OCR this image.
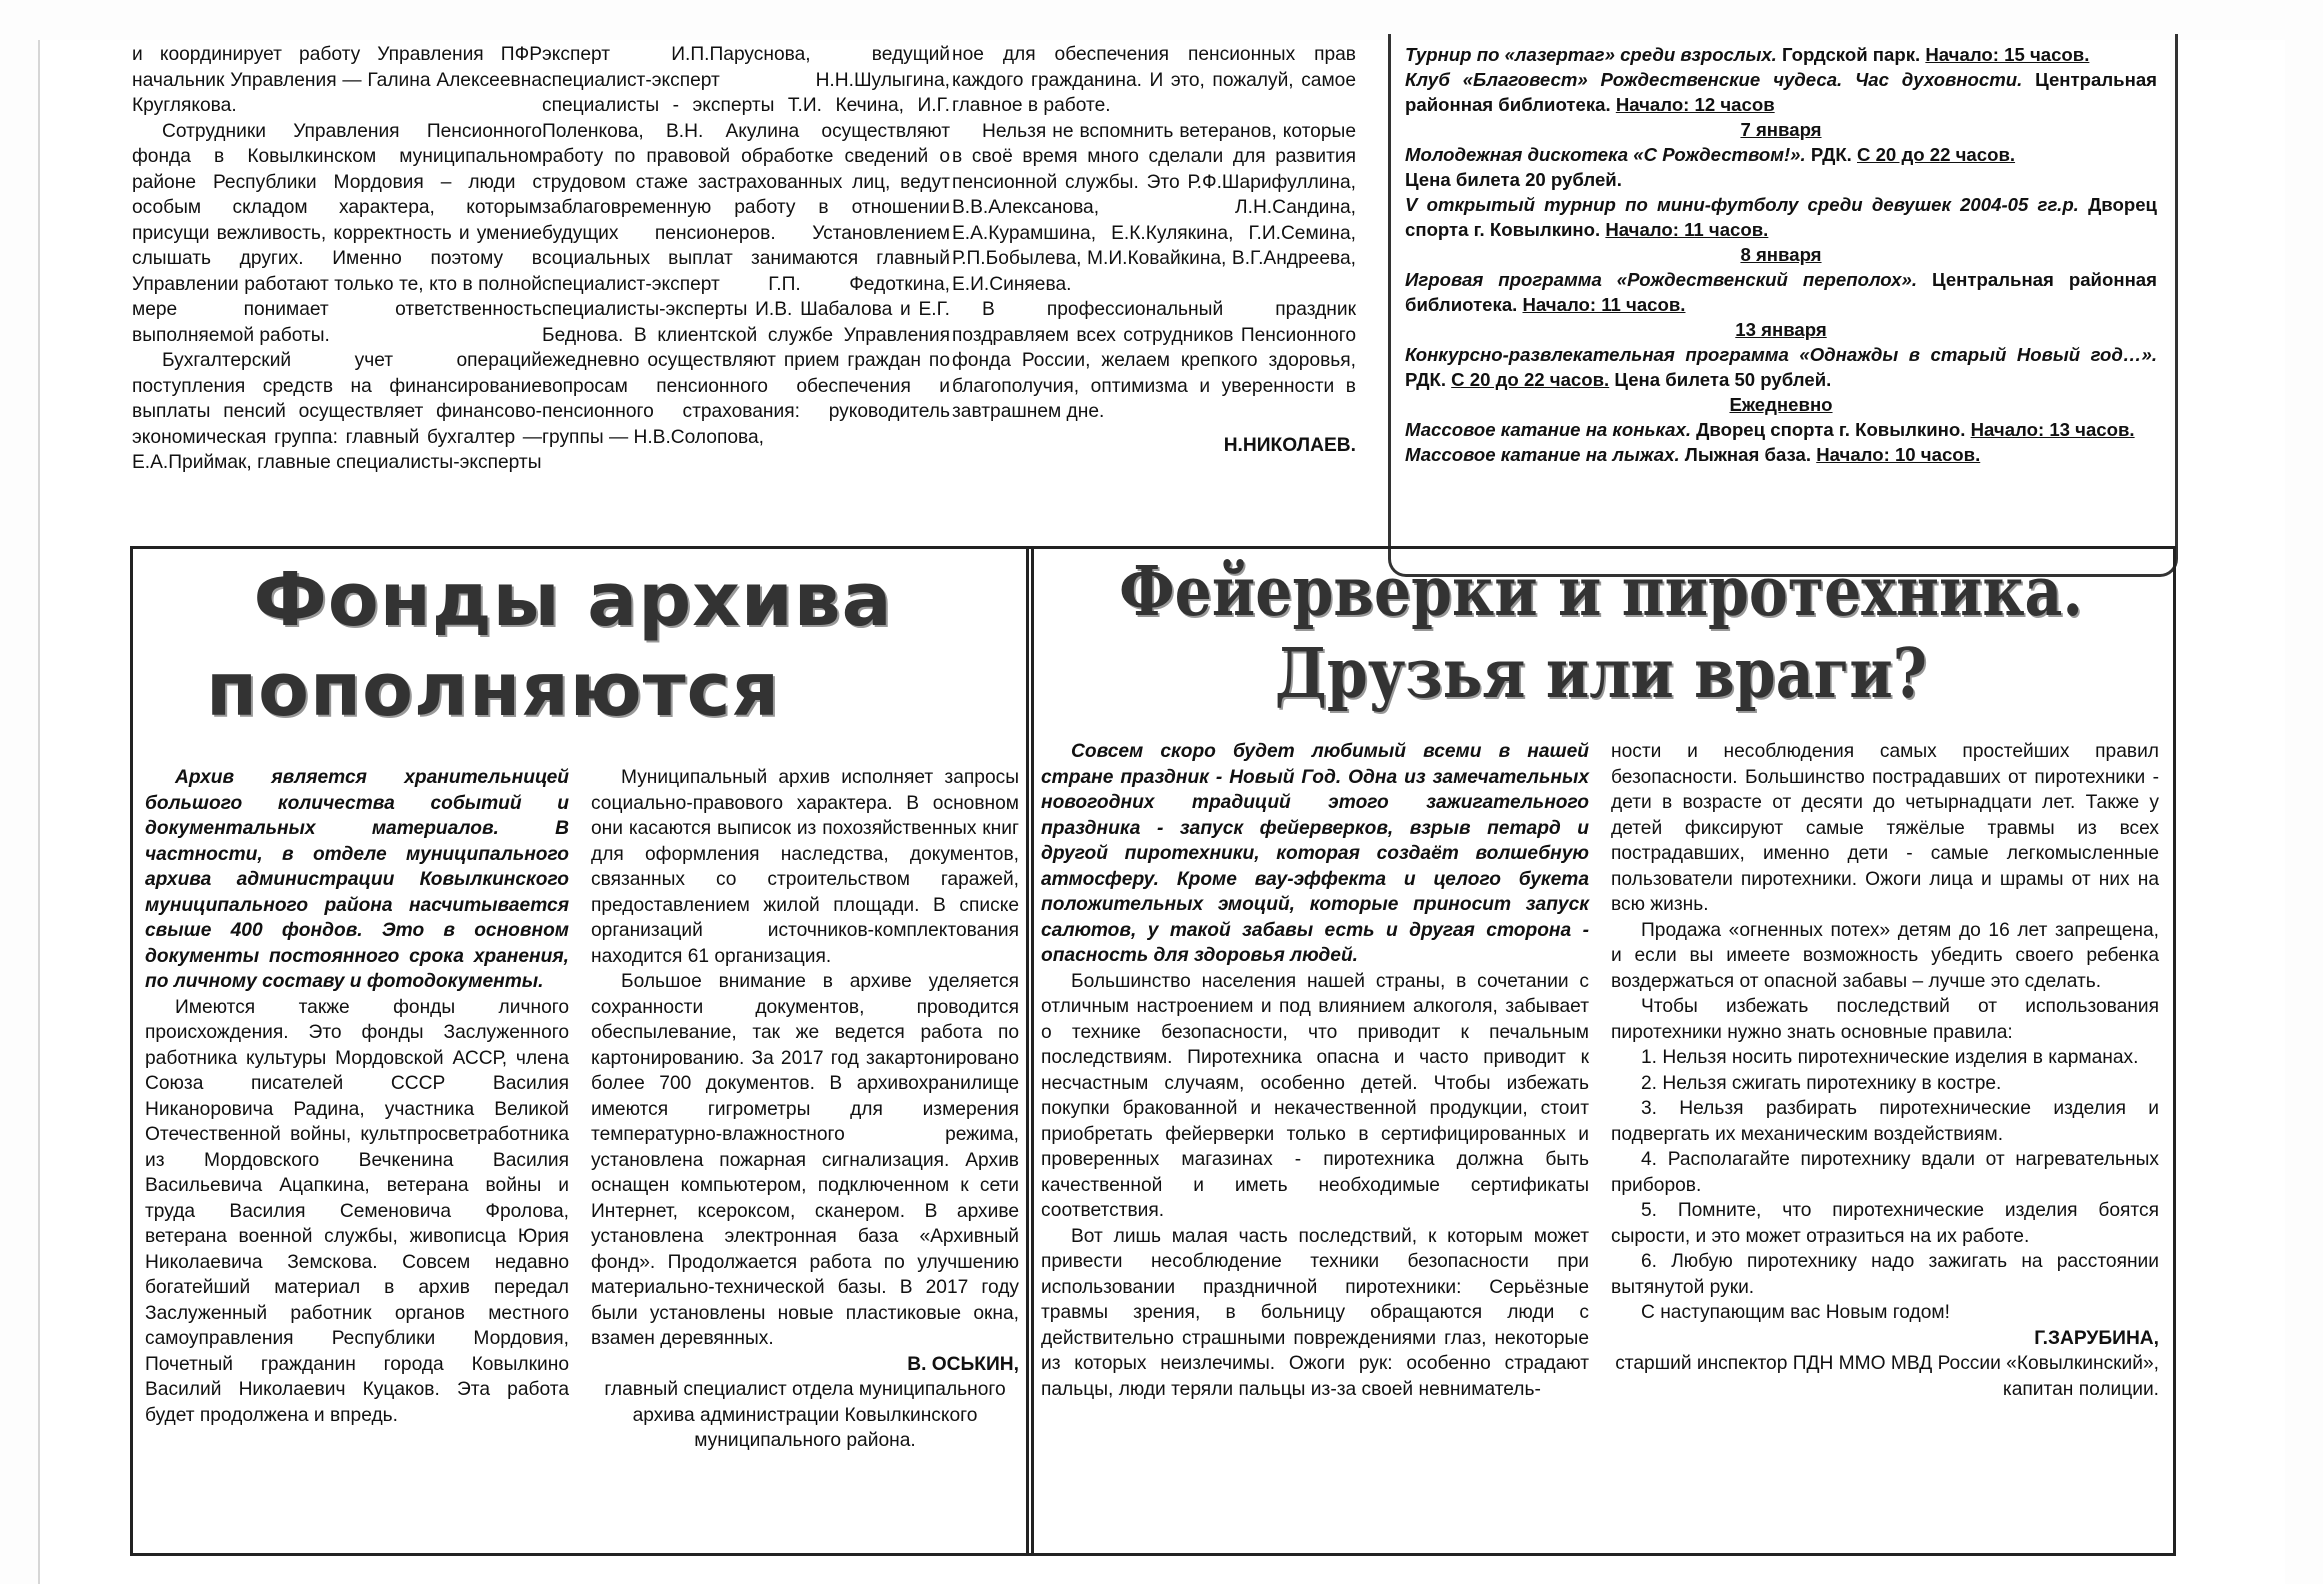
и координирует работу Управления ПФР начальник Управления — Галина Алексеевна Круглякова.

Сотрудники Управления Пенсионного фонда в Ковылкинском муниципальном районе Республики Мордовия – люди с особым складом характера, которым присущи вежливость, корректность и умение слышать других. Именно поэтому в Управлении работают только те, кто в полной мере понимает ответственность выполняемой работы.

Бухгалтерский учет операций поступления средств на финансирование выплаты пенсий осуществляет финансово-экономическая группа: главный бухгалтер — Е.А.Приймак, главные специалисты-эксперты

эксперт И.П.Паруснова, ведущий специалист-эксперт Н.Н.Шулыгина, специалисты - эксперты Т.И. Кечина, И.Г. Поленкова, В.Н. Акулина осуществляют работу по правовой обработке сведений о трудовом стаже застрахованных лиц, ведут заблаговременную работу в отношении будущих пенсионеров. Установлением социальных выплат занимаются главный специалист-эксперт Г.П. Федоткина, специалисты-эксперты И.В. Шабалова и Е.Г. Беднова. В клиентской службе Управления ежедневно осуществляют прием граждан по вопросам пенсионного обеспечения и пенсионного страхования: руководитель группы — Н.В.Солопова,

ное для обеспечения пенсионных прав каждого гражданина. И это, пожалуй, самое главное в работе.

Нельзя не вспомнить ветеранов, которые в своё время много сделали для развития пенсионной службы. Это Р.Ф.Шарифуллина, В.В.Алексанова, Л.Н.Сандина, Е.А.Курамшина, Е.К.Кулякина, Г.И.Семина, Р.П.Бобылева, М.И.Ковайкина, В.Г.Андреева, Е.И.Синяева.

В профессиональный праздник поздравляем всех сотрудников Пенсионного фонда России, желаем крепкого здоровья, благополучия, оптимизма и уверенности в завтрашнем дне.

Н.НИКОЛАЕВ.

Турнир по «лазертаг» среди взрослых. Гордской парк. Начало: 15 часов.

Клуб «Благовест» Рождественские чудеса. Час духовности. Центральная районная библиотека. Начало: 12 часов

7 января

Молодежная дискотека «С Рождеством!». РДК. С 20 до 22 часов.
Цена билета 20 рублей.

V открытый турнир по мини-футболу среди девушек 2004-05 гг.р. Дворец спорта г. Ковылкино. Начало: 11 часов.

8 января

Игровая программа «Рождественский переполох». Центральная районная библиотека. Начало: 11 часов.

13 января

Конкурсно-развлекательная программа «Однажды в старый Новый год…». РДК. С 20 до 22 часов. Цена билета 50 рублей.

Ежедневно

Массовое катание на коньках. Дворец спорта г. Ковылкино. Начало: 13 часов.

Массовое катание на лыжах. Лыжная база. Начало: 10 часов.

Фонды архива
пополняются

Архив является хранительницей большого количества событий и документальных материалов. В частности, в отделе муниципального архива администрации Ковылкинского муниципального района насчитывается свыше 400 фондов. Это в основном документы постоянного срока хранения, по личному составу и фотодокументы.

Имеются также фонды личного происхождения. Это фонды Заслуженного работника культуры Мордовской АССР, члена Союза писателей СССР Василия Никаноровича Радина, участника Великой Отечественной войны, культпросветработника из Мордовского Вечкенина Василия Васильевича Ацапкина, ветерана войны и труда Василия Семеновича Фролова, ветерана военной службы, живописца Юрия Николаевича Земскова. Совсем недавно богатейший материал в архив передал Заслуженный работник органов местного самоуправления Республики Мордовия, Почетный гражданин города Ковылкино Василий Николаевич Куцаков. Эта работа будет продолжена и впредь.

Муниципальный архив исполняет запросы социально-правового характера. В основном они касаются выписок из похозяйственных книг для оформления наследства, документов, связанных со строительством гаражей, предоставлением жилой площади. В списке организаций источников-комплектования находится 61 организация.

Большое внимание в архиве уделяется сохранности документов, проводится обеспылевание, так же ведется работа по картонированию. За 2017 год закартонировано более 700 документов. В архивохранилище имеются гигрометры для измерения температурно-влажностного режима, установлена пожарная сигнализация. Архив оснащен компьютером, подключенном к сети Интернет, ксероксом, сканером. В архиве установлена электронная база «Архивный фонд». Продолжается работа по улучшению материально-технической базы. В 2017 году были установлены новые пластиковые окна, взамен деревянных.

В. ОСЬКИН,

главный специалист отдела муниципального архива администрации Ковылкинского муниципального района.

Фейерверки и пиротехника.
Друзья или враги?

Совсем скоро будет любимый всеми в нашей стране праздник - Новый Год. Одна из замечательных новогодних традиций этого зажигательного праздника - запуск фейерверков, взрыв петард и другой пиротехники, которая создаёт волшебную атмосферу. Кроме вау-эффекта и целого букета положительных эмоций, которые приносит запуск салютов, у такой забавы есть и другая сторона - опасность для здоровья людей.

Большинство населения нашей страны, в сочетании с отличным настроением и под влиянием алкоголя, забывает о технике безопасности, что приводит к печальным последствиям. Пиротехника опасна и часто приводит к несчастным случаям, особенно детей. Чтобы избежать покупки бракованной и некачественной продукции, стоит приобретать фейерверки только в сертифицированных и проверенных магазинах - пиротехника должна быть качественной и иметь необходимые сертификаты соответствия.

Вот лишь малая часть последствий, к которым может привести несоблюдение техники безопасности при использовании праздничной пиротехники: Серьёзные травмы зрения, в больницу обращаются люди с действительно страшными повреждениями глаз, некоторые из которых неизлечимы. Ожоги рук: особенно страдают пальцы, люди теряли пальцы из-за своей невниматель-

ности и несоблюдения самых простейших правил безопасности. Большинство пострадавших от пиротехники - дети в возрасте от десяти до четырнадцати лет. Также у детей фиксируют самые тяжёлые травмы из всех пострадавших, именно дети - самые легкомысленные пользователи пиротехники. Ожоги лица и шрамы от них на всю жизнь.

Продажа «огненных потех» детям до 16 лет запрещена, и если вы имеете возможность убедить своего ребенка воздержаться от опасной забавы – лучше это сделать.

Чтобы избежать последствий от использования пиротехники нужно знать основные правила:

1. Нельзя носить пиротехнические изделия в карманах.

2. Нельзя сжигать пиротехнику в костре.

3. Нельзя разбирать пиротехнические изделия и подвергать их механическим воздействиям.

4. Располагайте пиротехнику вдали от нагревательных приборов.

5. Помните, что пиротехнические изделия боятся сырости, и это может отразиться на их работе.

6. Любую пиротехнику надо зажигать на расстоянии вытянутой руки.

С наступающим вас Новым годом!

Г.ЗАРУБИНА,

старший инспектор ПДН ММО МВД России «Ковылкинский», капитан полиции.
